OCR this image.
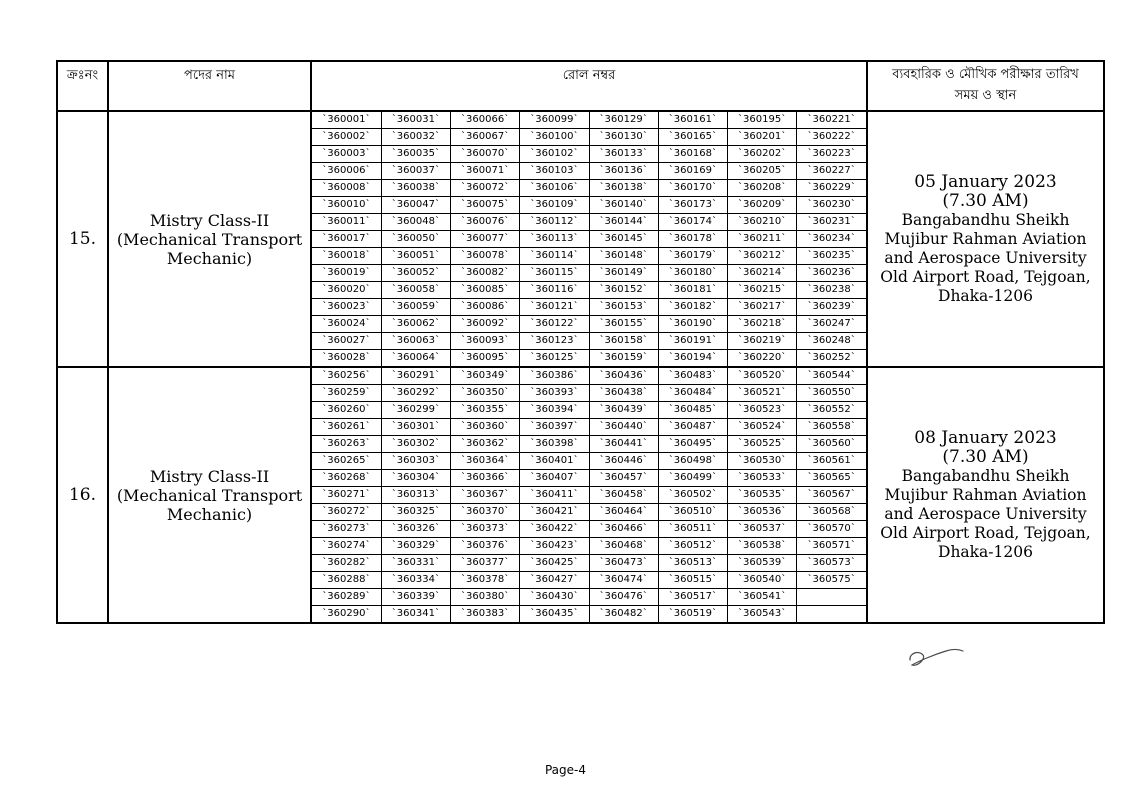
ক্রঃনং	পদের নাম	রোল নম্বর	ব্যবহারিক ও মৌখিক পরীক্ষার তারিখ
সময় ও স্থান

15.	
Mistry Class-II
(Mechanical Transport
Mechanic)

`360001`	`360031`	`360066`	`360099`	`360129`	`360161`	`360195`	`360221`
`360002`	`360032`	`360067`	`360100`	`360130`	`360165`	`360201`	`360222`
`360003`	`360035`	`360070`	`360102`	`360133`	`360168`	`360202`	`360223`
`360006`	`360037`	`360071`	`360103`	`360136`	`360169`	`360205`	`360227`
`360008`	`360038`	`360072`	`360106`	`360138`	`360170`	`360208`	`360229`
`360010`	`360047`	`360075`	`360109`	`360140`	`360173`	`360209`	`360230`
`360011`	`360048`	`360076`	`360112`	`360144`	`360174`	`360210`	`360231`
`360017`	`360050`	`360077`	`360113`	`360145`	`360178`	`360211`	`360234`
`360018`	`360051`	`360078`	`360114`	`360148`	`360179`	`360212`	`360235`
`360019`	`360052`	`360082`	`360115`	`360149`	`360180`	`360214`	`360236`
`360020`	`360058`	`360085`	`360116`	`360152`	`360181`	`360215`	`360238`
`360023`	`360059`	`360086`	`360121`	`360153`	`360182`	`360217`	`360239`
`360024`	`360062`	`360092`	`360122`	`360155`	`360190`	`360218`	`360247`
`360027`	`360063`	`360093`	`360123`	`360158`	`360191`	`360219`	`360248`
`360028`	`360064`	`360095`	`360125`	`360159`	`360194`	`360220`	`360252`

05 January 2023
(7.30 AM)
Bangabandhu Sheikh
Mujibur Rahman Aviation
and Aerospace University
Old Airport Road, Tejgoan,
Dhaka-1206

16.	
Mistry Class-II
(Mechanical Transport
Mechanic)

`360256`	`360291`	`360349`	`360386`	`360436`	`360483`	`360520`	`360544`
`360259`	`360292`	`360350`	`360393`	`360438`	`360484`	`360521`	`360550`
`360260`	`360299`	`360355`	`360394`	`360439`	`360485`	`360523`	`360552`
`360261`	`360301`	`360360`	`360397`	`360440`	`360487`	`360524`	`360558`
`360263`	`360302`	`360362`	`360398`	`360441`	`360495`	`360525`	`360560`
`360265`	`360303`	`360364`	`360401`	`360446`	`360498`	`360530`	`360561`
`360268`	`360304`	`360366`	`360407`	`360457`	`360499`	`360533`	`360565`
`360271`	`360313`	`360367`	`360411`	`360458`	`360502`	`360535`	`360567`
`360272`	`360325`	`360370`	`360421`	`360464`	`360510`	`360536`	`360568`
`360273`	`360326`	`360373`	`360422`	`360466`	`360511`	`360537`	`360570`
`360274`	`360329`	`360376`	`360423`	`360468`	`360512`	`360538`	`360571`
`360282`	`360331`	`360377`	`360425`	`360473`	`360513`	`360539`	`360573`
`360288`	`360334`	`360378`	`360427`	`360474`	`360515`	`360540`	`360575`
`360289`	`360339`	`360380`	`360430`	`360476`	`360517`	`360541`	
`360290`	`360341`	`360383`	`360435`	`360482`	`360519`	`360543`	

08 January 2023
(7.30 AM)
Bangabandhu Sheikh
Mujibur Rahman Aviation
and Aerospace University
Old Airport Road, Tejgoan,
Dhaka-1206
Page-4
